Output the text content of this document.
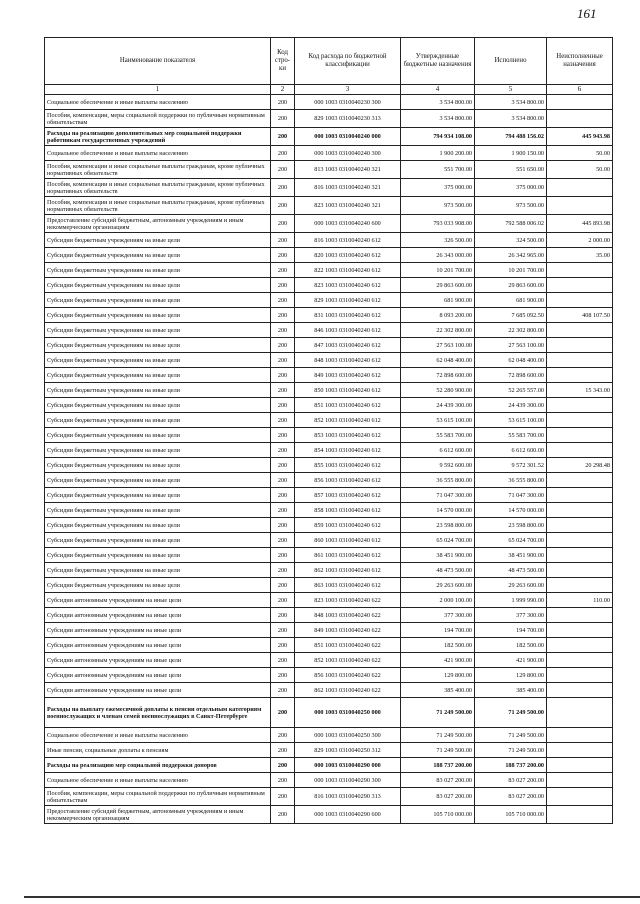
161
Наименование показателя	Код стро-ки	Код расхода по бюджетной классификации	Утвержденные бюджетные назначения	Исполнено	Неисполненные назначения
1	2	3	4	5	6
Социальное обеспечение и иные выплаты населению	200	000 1003 0310040230 300	3 534 800.00	3 534 800.00	
Пособия, компенсации, меры социальной поддержки по публичным нормативным обязательствам	200	829 1003 0310040230 313	3 534 800.00	3 534 800.00	
Расходы на реализацию дополнительных мер социальной поддержки работникам государственных учреждений	200	000 1003 0310040240 000	794 934 108.00	794 488 156.02	445 943.98
Социальное обеспечение и иные выплаты населению	200	000 1003 0310040240 300	1 900 200.00	1 900 150.00	50.00
Пособия, компенсации и иные социальные выплаты гражданам, кроме публичных нормативных обязательств	200	813 1003 0310040240 321	551 700.00	551 650.00	50.00
Пособия, компенсации и иные социальные выплаты гражданам, кроме публичных нормативных обязательств	200	816 1003 0310040240 321	375 000.00	375 000.00	
Пособия, компенсации и иные социальные выплаты гражданам, кроме публичных нормативных обязательств	200	823 1003 0310040240 321	973 500.00	973 500.00	
Предоставление субсидий бюджетным, автономным учреждениям и иным некоммерческим организациям	200	000 1003 0310040240 600	793 033 908.00	792 588 006.02	445 893.98
Субсидии бюджетным учреждениям на иные цели	200	816 1003 0310040240 612	326 500.00	324 500.00	2 000.00
Субсидии бюджетным учреждениям на иные цели	200	820 1003 0310040240 612	26 343 000.00	26 342 965.00	35.00
Субсидии бюджетным учреждениям на иные цели	200	822 1003 0310040240 612	10 201 700.00	10 201 700.00	
Субсидии бюджетным учреждениям на иные цели	200	823 1003 0310040240 612	29 863 600.00	29 863 600.00	
Субсидии бюджетным учреждениям на иные цели	200	829 1003 0310040240 612	681 900.00	681 900.00	
Субсидии бюджетным учреждениям на иные цели	200	831 1003 0310040240 612	8 093 200.00	7 685 092.50	408 107.50
Субсидии бюджетным учреждениям на иные цели	200	846 1003 0310040240 612	22 302 800.00	22 302 800.00	
Субсидии бюджетным учреждениям на иные цели	200	847 1003 0310040240 612	27 563 100.00	27 563 100.00	
Субсидии бюджетным учреждениям на иные цели	200	848 1003 0310040240 612	62 048 400.00	62 048 400.00	
Субсидии бюджетным учреждениям на иные цели	200	849 1003 0310040240 612	72 898 600.00	72 898 600.00	
Субсидии бюджетным учреждениям на иные цели	200	850 1003 0310040240 612	52 280 900.00	52 265 557.00	15 343.00
Субсидии бюджетным учреждениям на иные цели	200	851 1003 0310040240 612	24 439 300.00	24 439 300.00	
Субсидии бюджетным учреждениям на иные цели	200	852 1003 0310040240 612	53 615 100.00	53 615 100.00	
Субсидии бюджетным учреждениям на иные цели	200	853 1003 0310040240 612	55 583 700.00	55 583 700.00	
Субсидии бюджетным учреждениям на иные цели	200	854 1003 0310040240 612	6 612 600.00	6 612 600.00	
Субсидии бюджетным учреждениям на иные цели	200	855 1003 0310040240 612	9 592 600.00	9 572 301.52	20 298.48
Субсидии бюджетным учреждениям на иные цели	200	856 1003 0310040240 612	36 555 800.00	36 555 800.00	
Субсидии бюджетным учреждениям на иные цели	200	857 1003 0310040240 612	71 047 300.00	71 047 300.00	
Субсидии бюджетным учреждениям на иные цели	200	858 1003 0310040240 612	14 570 000.00	14 570 000.00	
Субсидии бюджетным учреждениям на иные цели	200	859 1003 0310040240 612	23 598 800.00	23 598 800.00	
Субсидии бюджетным учреждениям на иные цели	200	860 1003 0310040240 612	65 024 700.00	65 024 700.00	
Субсидии бюджетным учреждениям на иные цели	200	861 1003 0310040240 612	38 451 900.00	38 451 900.00	
Субсидии бюджетным учреждениям на иные цели	200	862 1003 0310040240 612	48 473 500.00	48 473 500.00	
Субсидии бюджетным учреждениям на иные цели	200	863 1003 0310040240 612	29 263 600.00	29 263 600.00	
Субсидии автономным учреждениям на иные цели	200	823 1003 0310040240 622	2 000 100.00	1 999 990.00	110.00
Субсидии автономным учреждениям на иные цели	200	848 1003 0310040240 622	377 300.00	377 300.00	
Субсидии автономным учреждениям на иные цели	200	849 1003 0310040240 622	194 700.00	194 700.00	
Субсидии автономным учреждениям на иные цели	200	851 1003 0310040240 622	182 500.00	182 500.00	
Субсидии автономным учреждениям на иные цели	200	852 1003 0310040240 622	421 900.00	421 900.00	
Субсидии автономным учреждениям на иные цели	200	856 1003 0310040240 622	129 800.00	129 800.00	
Субсидии автономным учреждениям на иные цели	200	862 1003 0310040240 622	385 400.00	385 400.00	
Расходы на выплату ежемесячной доплаты к пенсии отдельным категориям военнослужащих и членам семей военнослужащих в Санкт-Петербурге	200	000 1003 0310040250 000	71 249 500.00	71 249 500.00	
Социальное обеспечение и иные выплаты населению	200	000 1003 0310040250 300	71 249 500.00	71 249 500.00	
Иные пенсии, социальные доплаты к пенсиям	200	829 1003 0310040250 312	71 249 500.00	71 249 500.00	
Расходы на реализацию мер социальной поддержки доноров	200	000 1003 0310040290 000	188 737 200.00	188 737 200.00	
Социальное обеспечение и иные выплаты населению	200	000 1003 0310040290 300	83 027 200.00	83 027 200.00	
Пособия, компенсации, меры социальной поддержки по публичным нормативным обязательствам	200	816 1003 0310040290 313	83 027 200.00	83 027 200.00	
Предоставление субсидий бюджетным, автономным учреждениям и иным некоммерческим организациям	200	000 1003 0310040290 600	105 710 000.00	105 710 000.00	
